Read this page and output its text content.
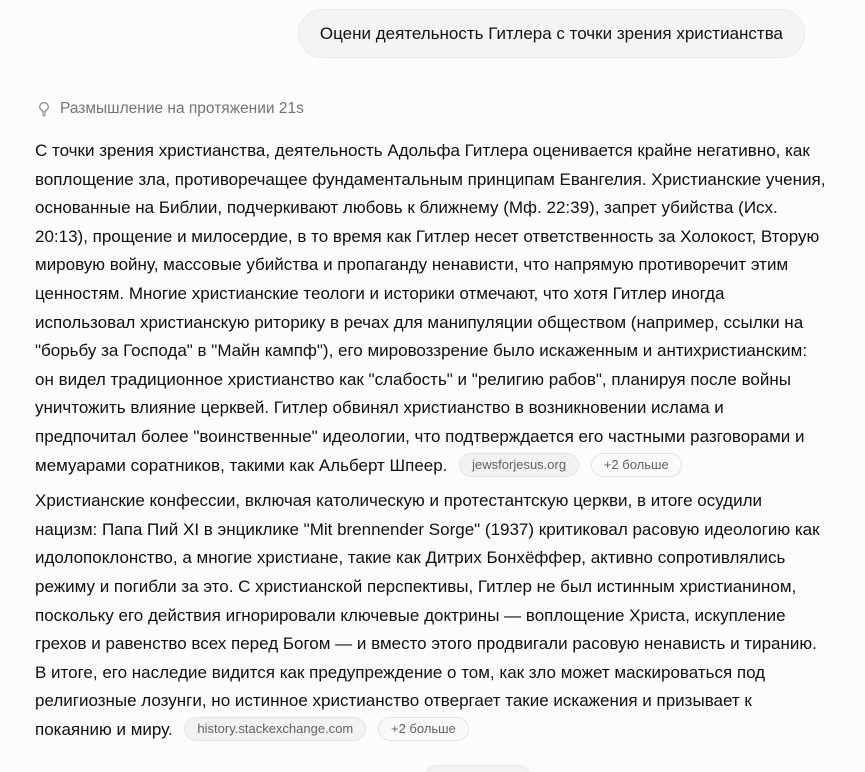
Оцени деятельность Гитлера с точки зрения христианства
Размышление на протяжении 21s

С точки зрения христианства, деятельность Адольфа Гитлера оценивается крайне негативно, как воплощение зла, противоречащее фундаментальным принципам Евангелия. Христианские учения, основанные на Библии, подчеркивают любовь к ближнему (Мф. 22:39), запрет убийства (Исх. 20:13), прощение и милосердие, в то время как Гитлер несет ответственность за Холокост, Вторую мировую войну, массовые убийства и пропаганду ненависти, что напрямую противоречит этим ценностям. Многие христианские теологи и историки отмечают, что хотя Гитлер иногда использовал христианскую риторику в речах для манипуляции обществом (например, ссылки на "борьбу за Господа" в "Майн кампф"), его мировоззрение было искаженным и антихристианским: он видел традиционное христианство как "слабость" и "религию рабов", планируя после войны уничтожить влияние церквей. Гитлер обвинял христианство в возникновении ислама и предпочитал более "воинственные" идеологии, что подтверждается его частными разговорами и мемуарами соратников, такими как Альберт Шпеер. jewsforjesus.org	+2 больше

Христианские конфессии, включая католическую и протестантскую церкви, в итоге осудили нацизм: Папа Пий XI в энциклике "Mit brennender Sorge" (1937) критиковал расовую идеологию как идолопоклонство, а многие христиане, такие как Дитрих Бонхёффер, активно сопротивлялись режиму и погибли за это. С христианской перспективы, Гитлер не был истинным христианином, поскольку его действия игнорировали ключевые доктрины — воплощение Христа, искупление грехов и равенство всех перед Богом — и вместо этого продвигали расовую ненависть и тиранию. В итоге, его наследие видится как предупреждение о том, как зло может маскироваться под религиозные лозунги, но истинное христианство отвергает такие искажения и призывает к покаянию и миру. history.stackexchange.com	+2 больше
